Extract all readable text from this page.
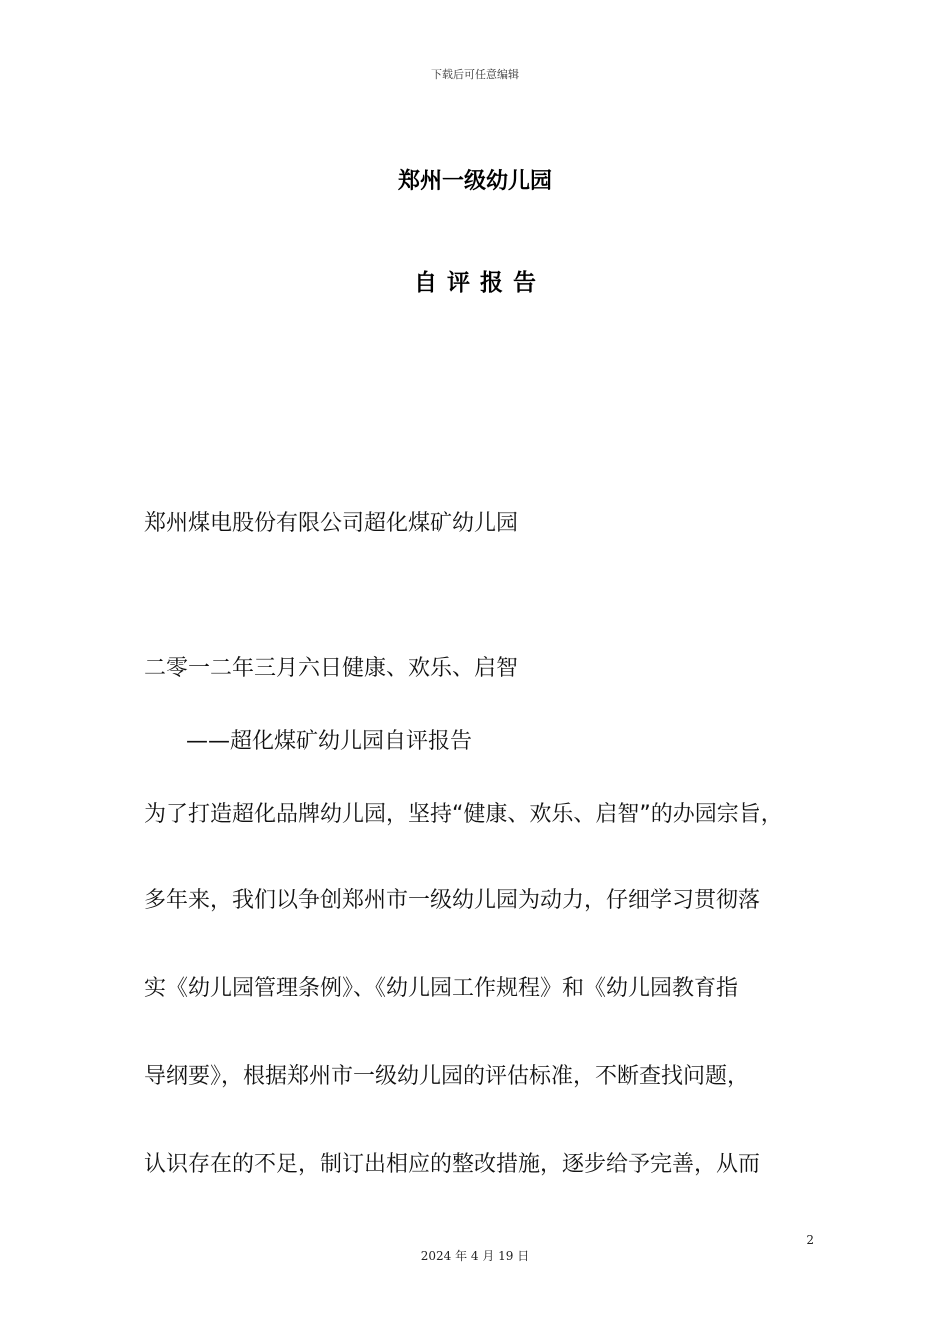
下载后可任意编辑
郑州一级幼儿园
自评报告
郑州煤电股份有限公司超化煤矿幼儿园
二零一二年三月六日健康、欢乐、启智
——超化煤矿幼儿园自评报告
为了打造超化品牌幼儿园，坚持“健康、欢乐、启智”的办园宗旨，
多年来，我们以争创郑州市一级幼儿园为动力，仔细学习贯彻落
实《幼儿园管理条例》、《幼儿园工作规程》和《幼儿园教育指
导纲要》，根据郑州市一级幼儿园的评估标准，不断查找问题，
认识存在的不足，制订出相应的整改措施，逐步给予完善，从而
2
2024 年 4 月 19 日
